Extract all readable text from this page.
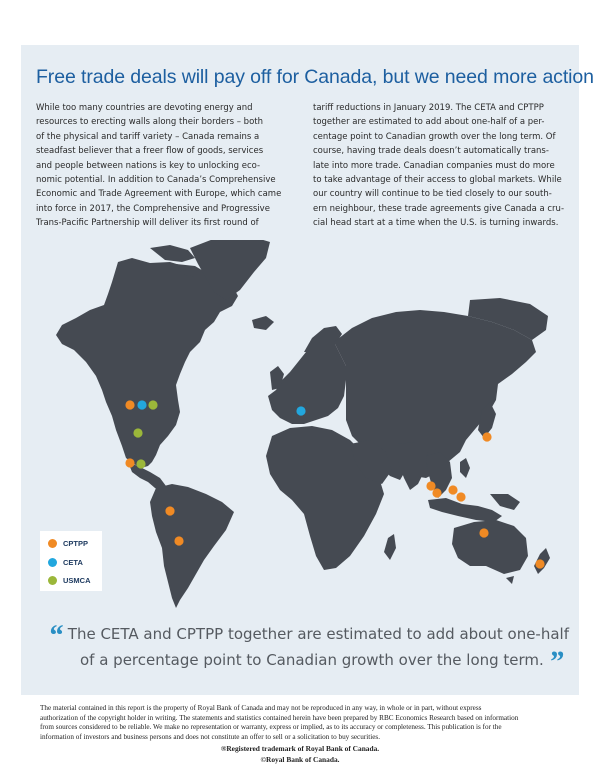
Free trade deals will pay off for Canada, but we need more action
While too many countries are devoting energy and
resources to erecting walls along their borders – both
of the physical and tariff variety – Canada remains a
steadfast believer that a freer flow of goods, services
and people between nations is key to unlocking eco-
nomic potential. In addition to Canada’s Comprehensive
Economic and Trade Agreement with Europe, which came
into force in 2017, the Comprehensive and Progressive
Trans-Pacific Partnership will deliver its first round of
tariff reductions in January 2019. The CETA and CPTPP
together are estimated to add about one-half of a per-
centage point to Canadian growth over the long term. Of
course, having trade deals doesn’t automatically trans-
late into more trade. Canadian companies must do more
to take advantage of their access to global markets. While
our country will continue to be tied closely to our south-
ern neighbour, these trade agreements give Canada a cru-
cial head start at a time when the U.S. is turning inwards.
CPTPP
CETA
USMCA
“ The CETA and CPTPP together are estimated to add about one-half
of a percentage point to Canadian growth over the long term. ”
The material contained in this report is the property of Royal Bank of Canada and may not be reproduced in any way, in whole or in part, without express
authorization of the copyright holder in writing. The statements and statistics contained herein have been prepared by RBC Economics Research based on information
from sources considered to be reliable. We make no representation or warranty, express or implied, as to its accuracy or completeness. This publication is for the
information of investors and business persons and does not constitute an offer to sell or a solicitation to buy securities.
®Registered trademark of Royal Bank of Canada.
©Royal Bank of Canada.
